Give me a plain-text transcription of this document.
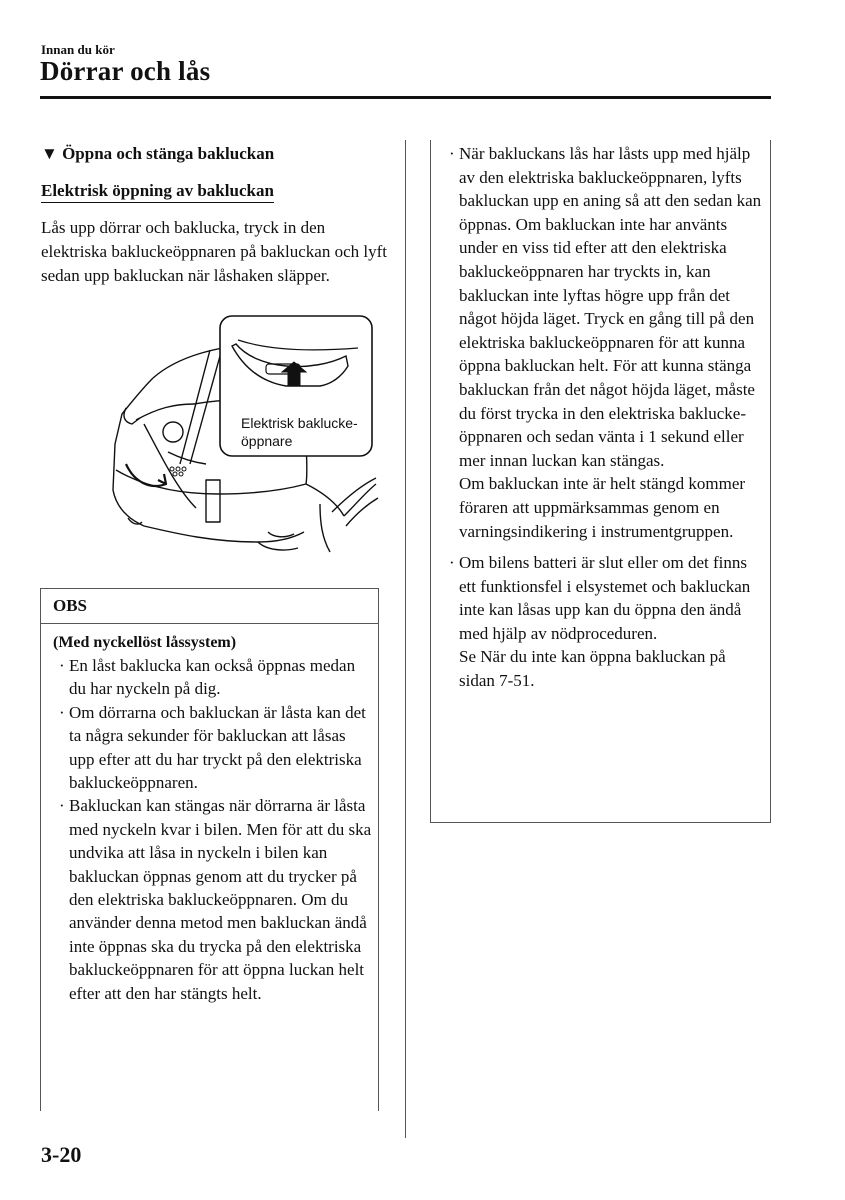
Innan du kör
Dörrar och lås
▼ Öppna och stänga bakluckan
Elektrisk öppning av bakluckan

Lås upp dörrar och baklucka, tryck in den elektriska bakluckeöppnaren på bakluckan och lyft sedan upp bakluckan när låshaken släpper.

Elektrisk baklucke-
öppnare
OBS
(Med nyckellöst låssystem)
· En låst baklucka kan också öppnas medan du har nyckeln på dig.
· Om dörrarna och bakluckan är låsta kan det ta några sekunder för bakluckan att låsas upp efter att du har tryckt på den elektriska bakluckeöppnaren.
· Bakluckan kan stängas när dörrarna är låsta med nyckeln kvar i bilen. Men för att du ska undvika att låsa in nyckeln i bilen kan bakluckan öppnas genom att du trycker på den elektriska bakluckeöppnaren. Om du använder denna metod men bakluckan ändå inte öppnas ska du trycka på den elektriska bakluckeöppnaren för att öppna luckan helt efter att den har stängts helt.
· När bakluckans lås har låsts upp med hjälp av den elektriska bakluckeöppnaren, lyfts bakluckan upp en aning så att den sedan kan öppnas. Om bakluckan inte har använts under en viss tid efter att den elektriska bakluckeöppnaren har tryckts in, kan bakluckan inte lyftas högre upp från det något höjda läget. Tryck en gång till på den elektriska bakluckeöppnaren för att kunna öppna bakluckan helt. För att kunna stänga bakluckan från det något höjda läget, måste du först trycka in den elektriska bakluckeöppnaren och sedan vänta i 1 sekund eller mer innan luckan kan stängas.
Om bakluckan inte är helt stängd kommer föraren att uppmärksammas genom en varningsindikering i instrumentgruppen.
· Om bilens batteri är slut eller om det finns ett funktionsfel i elsystemet och bakluckan inte kan låsas upp kan du öppna den ändå med hjälp av nödproceduren.
Se När du inte kan öppna bakluckan på sidan 7-51.
3-20
